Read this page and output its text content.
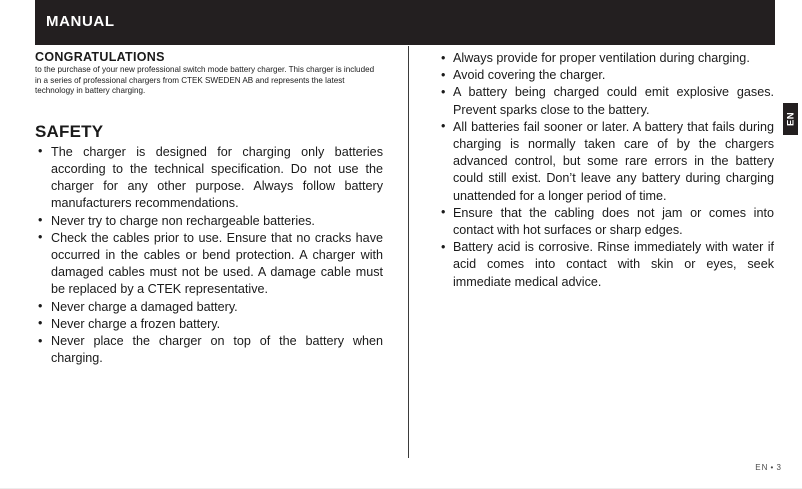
MANUAL
CONGRATULATIONS

to the purchase of your new professional switch mode battery charger. This charger is included in a series of professional chargers from CTEK SWEDEN AB and represents the latest technology in battery charging.

SAFETY
• The charger is designed for charging only batteries according to the technical specification. Do not use the charger for any other purpose. Always follow battery manufacturers recommendations.
• Never try to charge non rechargeable batteries.
• Check the cables prior to use. Ensure that no cracks have occurred in the cables or bend protection. A charger with damaged cables must not be used. A damage cable must be replaced by a CTEK representative.
• Never charge a damaged battery.
• Never charge a frozen battery.
• Never place the charger on top of the battery when charging.
• Always provide for proper ventilation during charging.
• Avoid covering the charger.
• A battery being charged could emit explosive gases. Prevent sparks close to the battery.
• All batteries fail sooner or later. A battery that fails during charging is normally taken care of by the chargers advanced control, but some rare errors in the battery could still exist. Don’t leave any battery during charging unattended for a longer period of time.
• Ensure that the cabling does not jam or comes into contact with hot surfaces or sharp edges.
• Battery acid is corrosive. Rinse immediately with water if acid comes into contact with skin or eyes, seek immediate medical advice.
EN
EN • 3
